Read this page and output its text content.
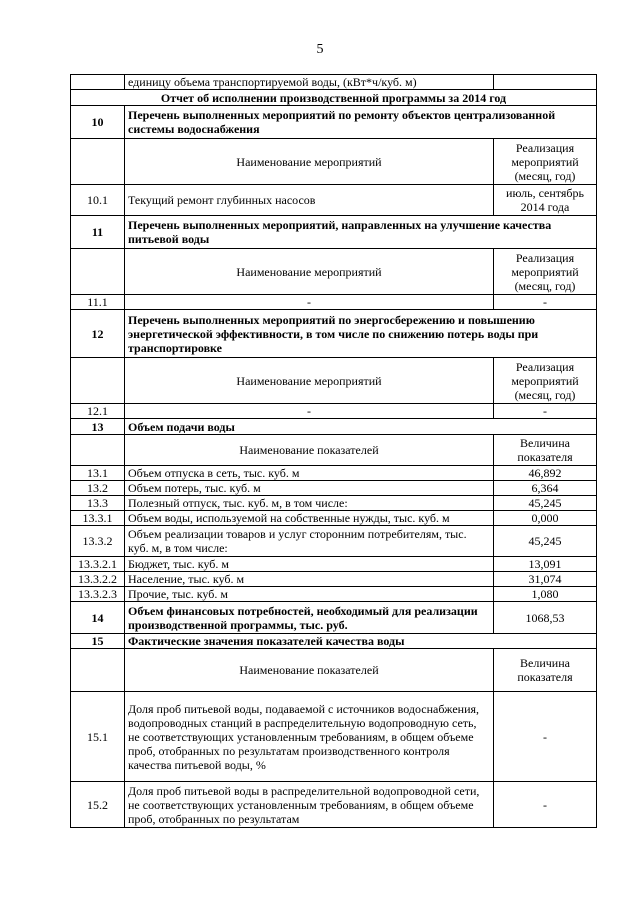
5
	единицу объема транспортируемой воды, (кВт*ч/куб. м)	
Отчет об исполнении производственной программы за 2014 год		
10	Перечень выполненных мероприятий по ремонту объектов централизованной системы водоснабжения	
	Наименование мероприятий	Реализация мероприятий (месяц, год)
10.1	Текущий ремонт глубинных насосов	июль, сентябрь 2014 года
11	Перечень выполненных мероприятий, направленных на улучшение качества питьевой воды	
	Наименование мероприятий	Реализация мероприятий (месяц, год)
11.1	-	-
12	Перечень выполненных мероприятий по энергосбережению и повышению энергетической эффективности, в том числе по снижению потерь воды при транспортировке	
	Наименование мероприятий	Реализация мероприятий (месяц, год)
12.1	-	-
13	Объем подачи воды	
	Наименование показателей	Величина показателя
13.1	Объем отпуска в сеть, тыс. куб. м	46,892
13.2	Объем потерь, тыс. куб. м	6,364
13.3	Полезный отпуск, тыс. куб. м, в том числе:	45,245
13.3.1	Объем воды, используемой на собственные нужды, тыс. куб. м	0,000
13.3.2	Объем реализации товаров и услуг сторонним потребителям, тыс. куб. м, в том числе:	45,245
13.3.2.1	Бюджет, тыс. куб. м	13,091
13.3.2.2	Население, тыс. куб. м	31,074
13.3.2.3	Прочие, тыс. куб. м	1,080
14	Объем финансовых потребностей, необходимый для реализации производственной программы, тыс. руб.	1068,53
15	Фактические значения показателей качества воды	
	Наименование показателей	Величина показателя
15.1	Доля проб питьевой воды, подаваемой с источников водоснабжения, водопроводных станций в распределительную водопроводную сеть, не соответствующих установленным требованиям, в общем объеме проб, отобранных по результатам производственного контроля качества питьевой воды, %	-
15.2	Доля проб питьевой воды в распределительной водопроводной сети, не соответствующих установленным требованиям, в общем объеме проб, отобранных по результатам	-
